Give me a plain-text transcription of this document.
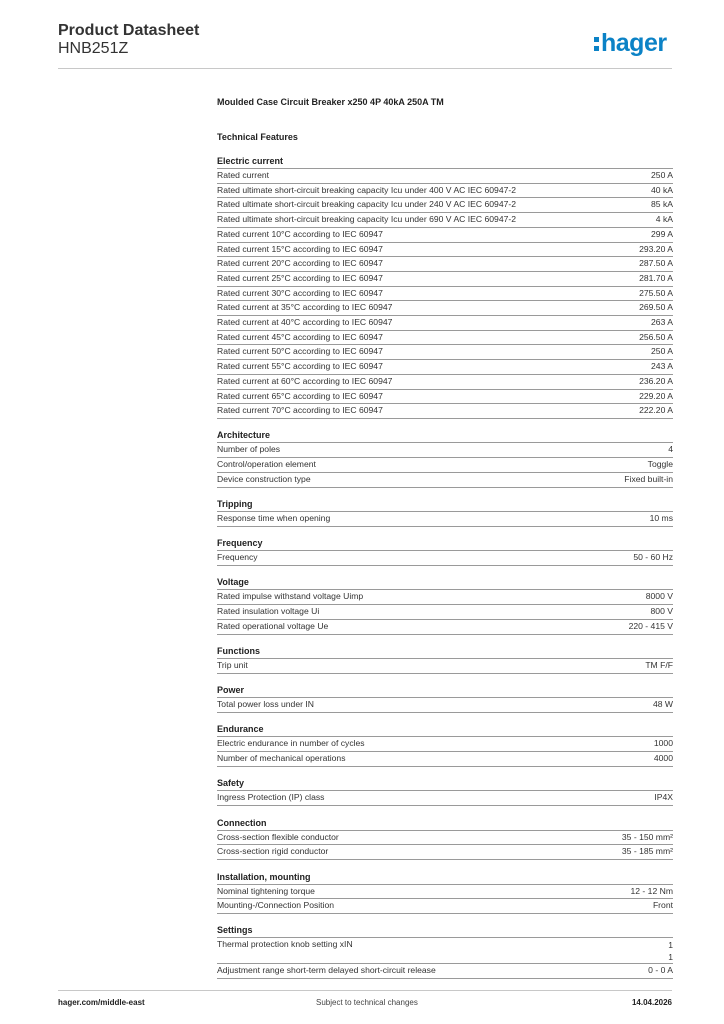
Product Datasheet
HNB251Z	hager
Moulded Case Circuit Breaker x250 4P 40kA 250A TM
Technical Features
Electric current
Rated current	250 A
Rated ultimate short-circuit breaking capacity Icu under 400 V AC IEC 60947-2	40 kA
Rated ultimate short-circuit breaking capacity Icu under 240 V AC IEC 60947-2	85 kA
Rated ultimate short-circuit breaking capacity Icu under 690 V AC IEC 60947-2	4 kA
Rated current 10°C according to IEC 60947	299 A
Rated current 15°C according to IEC 60947	293.20 A
Rated current 20°C according to IEC 60947	287.50 A
Rated current 25°C according to IEC 60947	281.70 A
Rated current 30°C according to IEC 60947	275.50 A
Rated current at 35°C according to IEC 60947	269.50 A
Rated current at 40°C according to IEC 60947	263 A
Rated current 45°C according to IEC 60947	256.50 A
Rated current 50°C according to IEC 60947	250 A
Rated current 55°C according to IEC 60947	243 A
Rated current at 60°C according to IEC 60947	236.20 A
Rated current 65°C according to IEC 60947	229.20 A
Rated current 70°C according to IEC 60947	222.20 A
Architecture
Number of poles	4
Control/operation element	Toggle
Device construction type	Fixed built-in
Tripping
Response time when opening	10 ms
Frequency
Frequency	50 - 60 Hz
Voltage
Rated impulse withstand voltage Uimp	8000 V
Rated insulation voltage Ui	800 V
Rated operational voltage Ue	220 - 415 V
Functions
Trip unit	TM F/F
Power
Total power loss under IN	48 W
Endurance
Electric endurance in number of cycles	1000
Number of mechanical operations	4000
Safety
Ingress Protection (IP) class	IP4X
Connection
Cross-section flexible conductor	35 - 150 mm²
Cross-section rigid conductor	35 - 185 mm²
Installation, mounting
Nominal tightening torque	12 - 12 Nm
Mounting-/Connection Position	Front
Settings
Thermal protection knob setting xIN	1
1
Adjustment range short-term delayed short-circuit release	0 - 0 A
hager.com/middle-east	Subject to technical changes	14.04.2026
